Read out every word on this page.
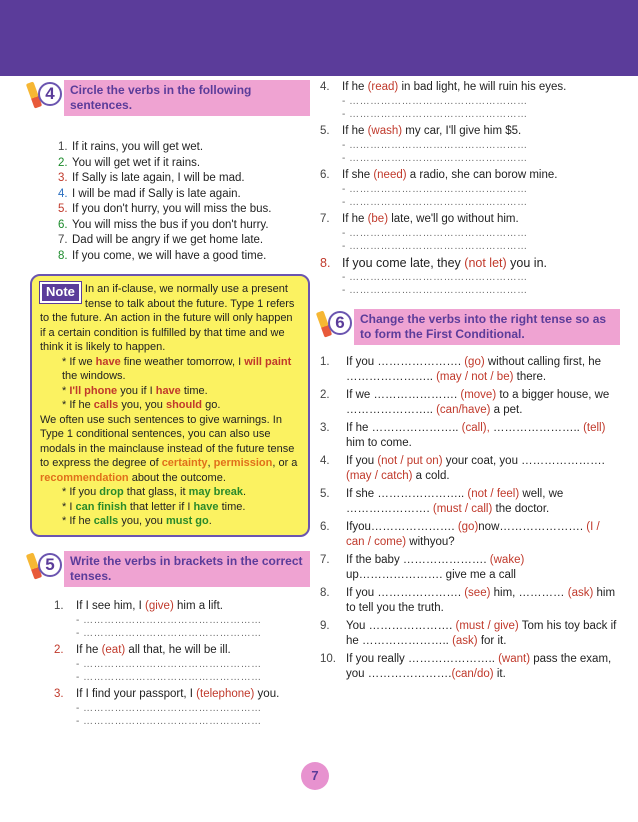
4	Circle the verbs in the following sentences.
1. If it rains, you will get wet.
2. You will get wet if it rains.
3. If Sally is late again, I will be mad.
4. I will be mad if Sally is late again.
5. If you don't hurry, you will miss the bus.
6. You will miss the bus if you don't hurry.
7. Dad will be angry if we get home late.
8. If you come, we will have a good time.
Note In an if-clause, we normally use a present tense to talk about the future. Type 1 refers to the future. An action in the future will only happen if a certain condition is fulfilled by that time and we think it is likely to happen.
* If we have fine weather tomorrow, I will paint the windows.
* I'll phone you if I have time.
* If he calls you, you should go.
We often use such sentences to give warnings. In Type 1 conditional sentences, you can also use modals in the mainclause instead of the future tense to express the degree of certainty, permission, or a recommendation about the outcome.
* If you drop that glass, it may break.
* I can finish that letter if I have time.
* If he calls you, you must go.
5	Write the verbs in brackets in the correct tenses.
1.	If I see him, I (give) him a lift.
- ……………………………………………
- ……………………………………………
2.	If he (eat) all that, he will be ill.
- ……………………………………………
- ……………………………………………
3.	If I find your passport, I (telephone) you.
- ……………………………………………
- ……………………………………………
4.	If he (read) in bad light, he will ruin his eyes.
- ……………………………………………
- ……………………………………………
5.	If he (wash) my car, I'll give him $5.
- ……………………………………………
- ……………………………………………
6.	If she (need) a radio, she can borow mine.
- ……………………………………………
- ……………………………………………
7.	If he (be) late, we'll go without him.
- ……………………………………………
- ……………………………………………
8. If you come late, they (not let) you in.
- ……………………………………………
- ……………………………………………
6	Change the verbs into the right tense so as to form the First Conditional.
1.	If you …………………. (go) without calling first, he ………………….. (may / not / be) there.
2.	If we …………………. (move) to a bigger house, we ………………….. (can/have) a pet.
3.	If he ………………….. (call), ………………….. (tell) him to come.
4.	If you (not / put on) your coat, you …………………. (may / catch) a cold.
5.	If she ………………….. (not / feel) well, we …………………. (must / call) the doctor.
6.	Ifyou…………………. (go)now…………………. (I / can / come) withyou?
7.	If the baby …………………. (wake) up…………………. give me a call
8.	If you …………………. (see) him, ………… (ask) him to tell you the truth.
9.	You …………………. (must / give) Tom his toy back if he ………………….. (ask) for it.
10. If you really ………………….. (want) pass the exam, you ………………….(can/do) it.
7
